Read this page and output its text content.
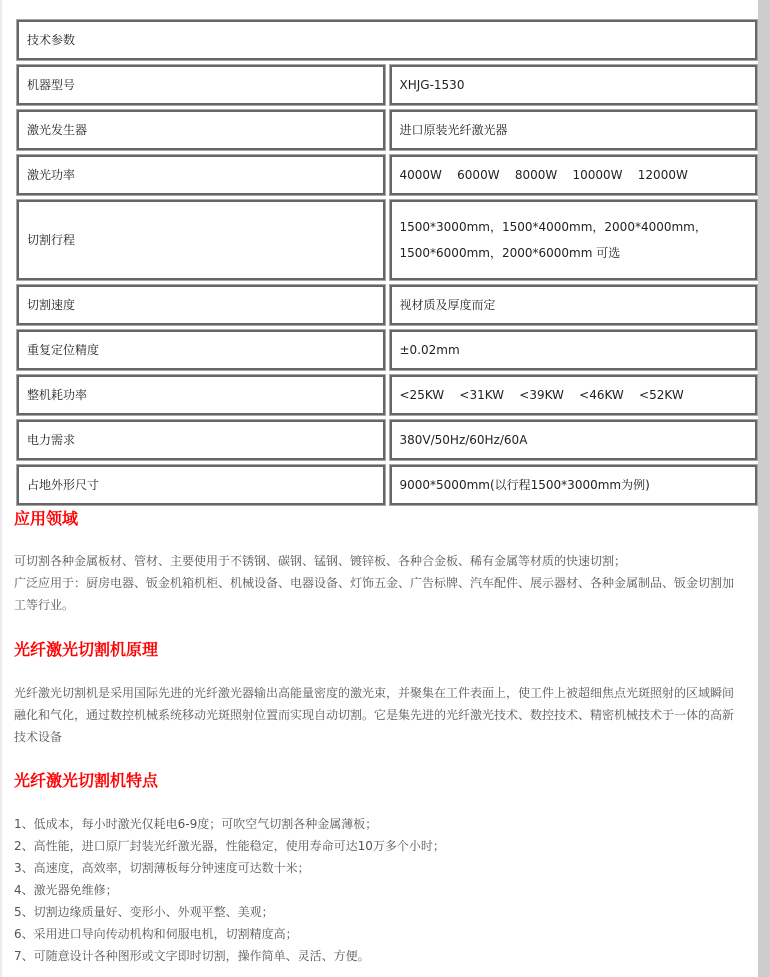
技术参数	
机器型号	XHJG-1530
激光发生器	进口原装光纤激光器
激光功率	4000W    6000W    8000W    10000W    12000W
切割行程	1500*3000mm，1500*4000mm，2000*4000mm，1500*6000mm，2000*6000mm 可选
切割速度	视材质及厚度而定
重复定位精度	±0.02mm
整机耗功率	<25KW    <31KW    <39KW    <46KW    <52KW
电力需求	380V/50Hz/60Hz/60A
占地外形尺寸	9000*5000mm(以行程1500*3000mm为例)
应用领域

可切割各种金属板材、管材、主要使用于不锈钢、碳钢、锰钢、镀锌板、各种合金板、稀有金属等材质的快速切割；

广泛应用于：厨房电器、钣金机箱机柜、机械设备、电器设备、灯饰五金、广告标牌、汽车配件、展示器材、各种金属制品、钣金切割加工等行业。

光纤激光切割机原理

光纤激光切割机是采用国际先进的光纤激光器输出高能量密度的激光束，并聚集在工件表面上，使工件上被超细焦点光斑照射的区域瞬间融化和气化，通过数控机械系统移动光斑照射位置而实现自动切割。它是集先进的光纤激光技术、数控技术、精密机械技术于一体的高新技术设备

光纤激光切割机特点

1、低成本，每小时激光仅耗电6-9度；可吹空气切割各种金属薄板；

2、高性能，进口原厂封装光纤激光器，性能稳定，使用寿命可达10万多个小时；

3、高速度，高效率，切割薄板每分钟速度可达数十米；

4、激光器免维修；

5、切割边缘质量好、变形小、外观平整、美观；

6、采用进口导向传动机构和伺服电机，切割精度高；

7、可随意设计各种图形或文字即时切割，操作简单、灵活、方便。
